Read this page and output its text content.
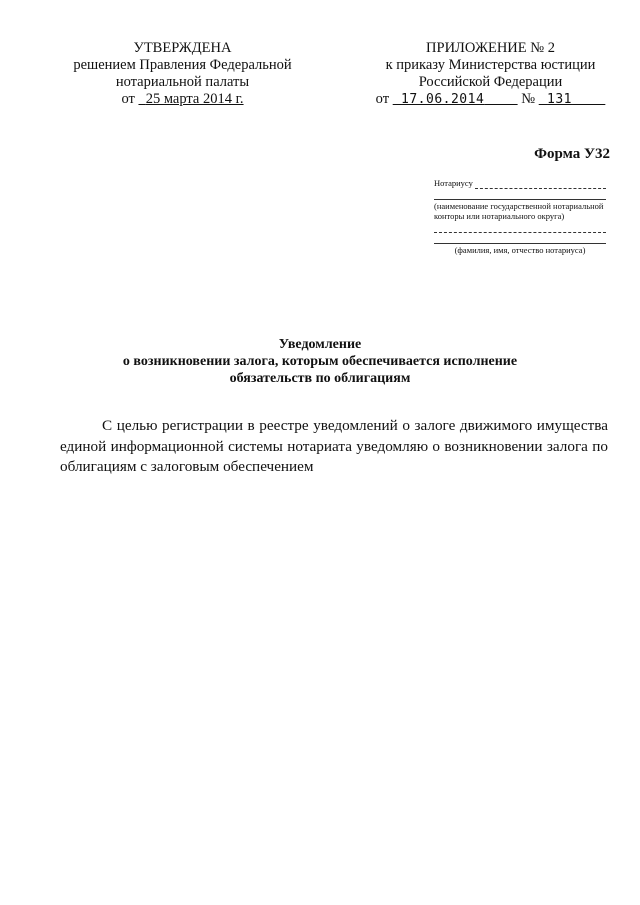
УТВЕРЖДЕНА
решением Правления Федеральной
нотариальной палаты
от 25 марта 2014 г.
ПРИЛОЖЕНИЕ № 2
к приказу Министерства юстиции
Российской Федерации
от 17.06.2014	№ 131
Форма У32
Нотариусу
(наименование государственной нотариальной конторы или нотариального округа)
(фамилия, имя, отчество нотариуса)
Уведомление
о возникновении залога, которым обеспечивается исполнение
обязательств по облигациям
С целью регистрации в реестре уведомлений о залоге движимого имущества единой информационной системы нотариата уведомляю о возникновении залога по облигациям с залоговым обеспечением
